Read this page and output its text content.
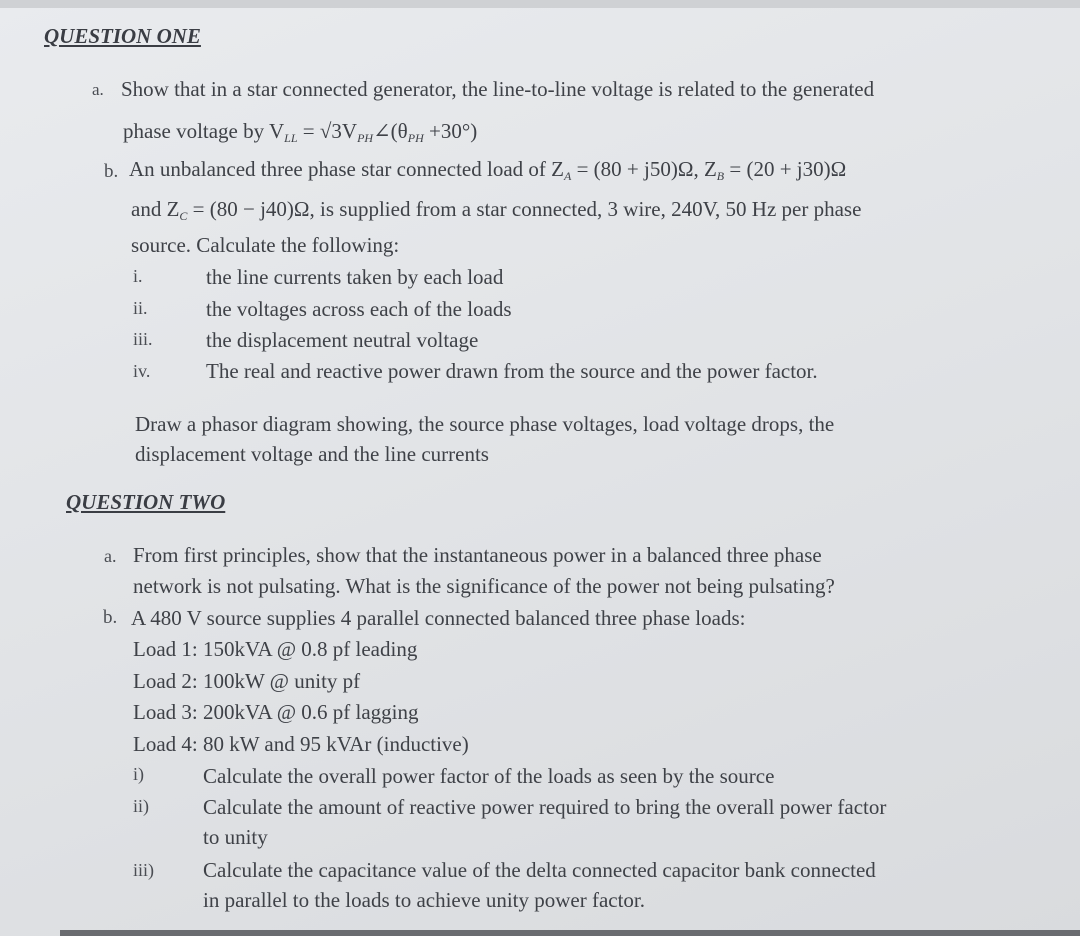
QUESTION ONE
a. Show that in a star connected generator, the line-to-line voltage is related to the generated
phase voltage by $V_{LL}$ = $√3V_{PH}\angle(\theta_{PH} +30^\circ)$
b. An unbalanced three phase star connected load of $Z_A = (80 + j50)\Omega$, $Z_B = (20 + j30)\Omega$
and $Z_C = (80 - j40)\Omega$, is supplied from a star connected, 3 wire, 240V, 50 Hz per phase
source. Calculate the following:
i.	the line currents taken by each load
ii.	the voltages across each of the loads
iii.	the displacement neutral voltage
iv.	The real and reactive power drawn from the source and the power factor.
Draw a phasor diagram showing, the source phase voltages, load voltage drops, the
displacement voltage and the line currents
QUESTION TWO
a. From first principles, show that the instantaneous power in a balanced three phase
network is not pulsating. What is the significance of the power not being pulsating?
b. A 480 V source supplies 4 parallel connected balanced three phase loads:
Load 1: 150kVA @ 0.8 pf leading
Load 2: 100kW @ unity pf
Load 3: 200kVA @ 0.6 pf lagging
Load 4: 80 kW and 95 kVAr (inductive)
i)	Calculate the overall power factor of the loads as seen by the source
ii)	Calculate the amount of reactive power required to bring the overall power factor
to unity
iii) Calculate the capacitance value of the delta connected capacitor bank connected
in parallel to the loads to achieve unity power factor.
